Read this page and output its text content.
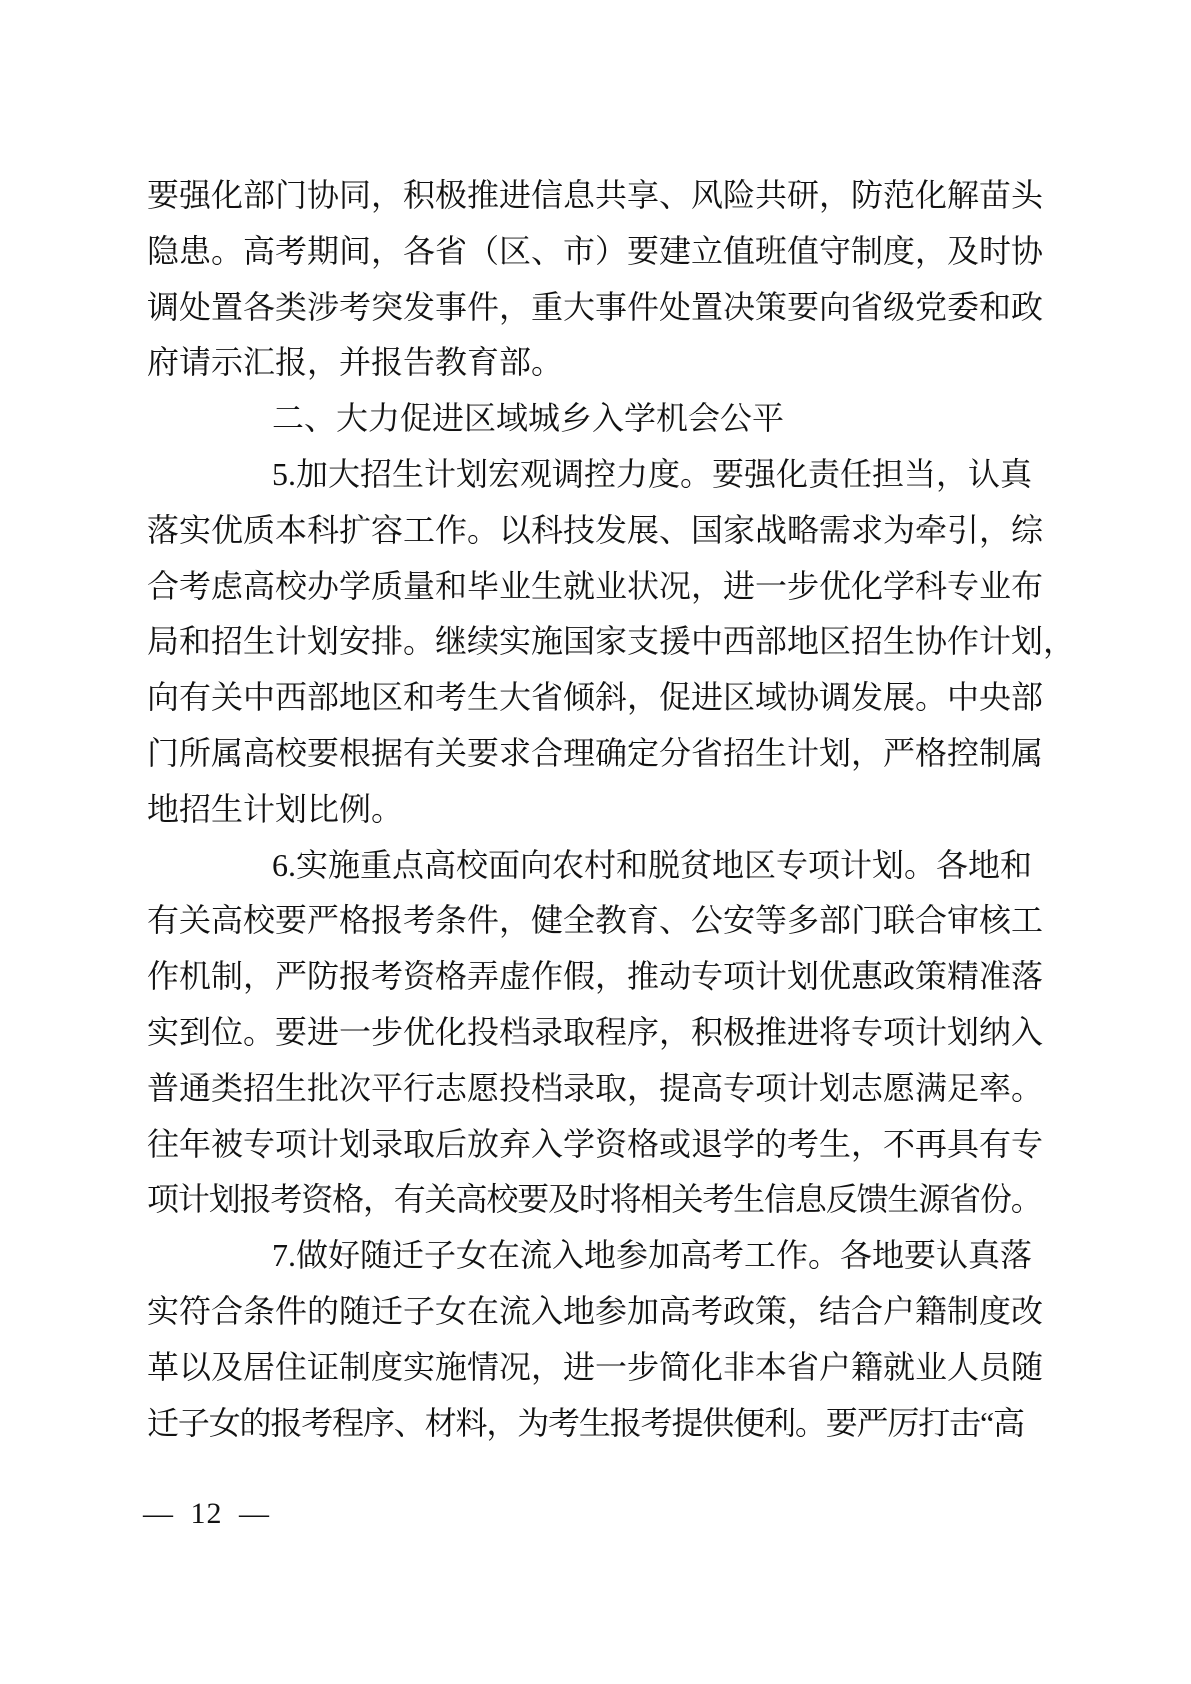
要强化部门协同，积极推进信息共享、风险共研，防范化解苗头
隐患。高考期间，各省（区、市）要建立值班值守制度，及时协
调处置各类涉考突发事件，重大事件处置决策要向省级党委和政
府请示汇报，并报告教育部。
二、大力促进区域城乡入学机会公平
5.加大招生计划宏观调控力度。要强化责任担当，认真
落实优质本科扩容工作。以科技发展、国家战略需求为牵引，综
合考虑高校办学质量和毕业生就业状况，进一步优化学科专业布
局和招生计划安排。继续实施国家支援中西部地区招生协作计划，
向有关中西部地区和考生大省倾斜，促进区域协调发展。中央部
门所属高校要根据有关要求合理确定分省招生计划，严格控制属
地招生计划比例。
6.实施重点高校面向农村和脱贫地区专项计划。各地和
有关高校要严格报考条件，健全教育、公安等多部门联合审核工
作机制，严防报考资格弄虚作假，推动专项计划优惠政策精准落
实到位。要进一步优化投档录取程序，积极推进将专项计划纳入
普通类招生批次平行志愿投档录取，提高专项计划志愿满足率。
往年被专项计划录取后放弃入学资格或退学的考生，不再具有专
项计划报考资格，有关高校要及时将相关考生信息反馈生源省份。
7.做好随迁子女在流入地参加高考工作。各地要认真落
实符合条件的随迁子女在流入地参加高考政策，结合户籍制度改
革以及居住证制度实施情况，进一步简化非本省户籍就业人员随
迁子女的报考程序、材料，为考生报考提供便利。要严厉打击“高
— 12 —
